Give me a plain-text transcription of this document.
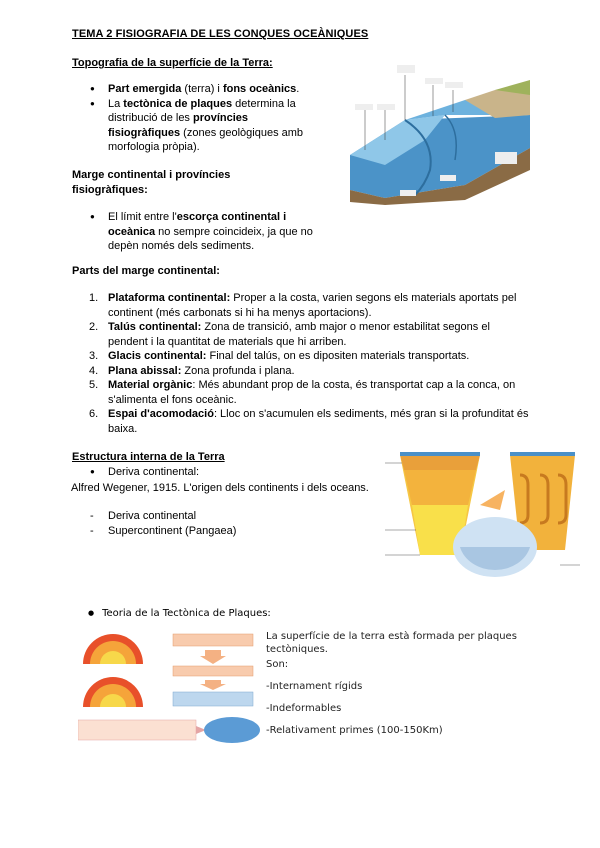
TEMA 2 FISIOGRAFIA DE LES CONQUES OCEÀNIQUES
Topografia de la superfície de la Terra:
● Part emergida (terra) i fons oceànics.
● La tectònica de plaques determina la distribució de les províncies fisiogràfiques (zones geològiques amb morfologia pròpia).
Marge continental i províncies fisiogràfiques:
● El límit entre l'escorça continental i oceànica no sempre coincideix, ja que no depèn només dels sediments.
Parts del marge continental:
1. Plataforma continental: Proper a la costa, varien segons els materials aportats pel continent (més carbonats si hi ha menys aportacions).
2. Talús continental: Zona de transició, amb major o menor estabilitat segons el pendent i la quantitat de materials que hi arriben.
3. Glacis continental: Final del talús, on es dipositen materials transportats.
4. Plana abissal: Zona profunda i plana.
5. Material orgànic: Més abundant prop de la costa, és transportat cap a la conca, on s'alimenta el fons oceànic.
6. Espai d'acomodació: Lloc on s'acumulen els sediments, més gran si la profunditat és baixa.
Estructura interna de la Terra
● Deriva continental:
Alfred Wegener, 1915. L'origen dels continents i dels oceans.
- Deriva continental
- Supercontinent (Pangaea)
● Teoria de la Tectònica de Plaques:
La superfície de la terra està formada per plaques tectòniques.
Son:
-Internament rígids
-Indeformables
-Relativament primes (100-150Km)
